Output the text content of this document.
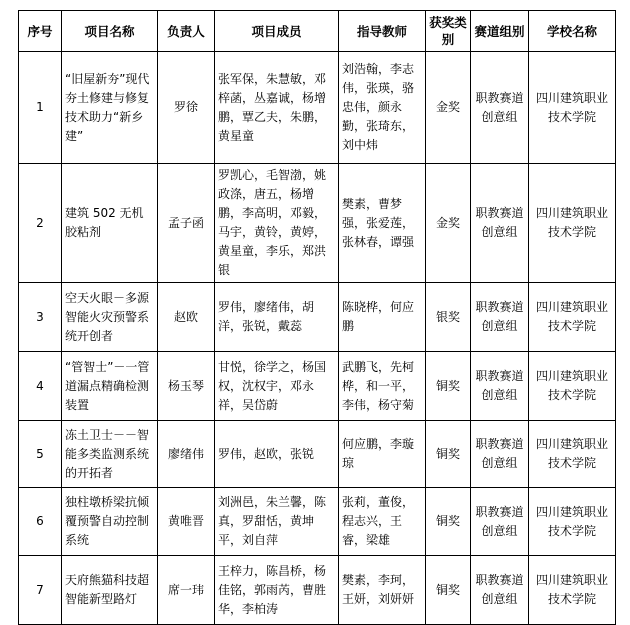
序号	项目名称	负责人	项目成员	指导教师	获奖类别	赛道组别	学校名称
1	“旧屋新夯”现代夯土修建与修复技术助力“新乡建”	罗徐	张军保，朱慧敏，邓梓菡，丛嘉诚，杨增鹏，覃乙夫，朱鹏，黄星童	刘浩翰，李志伟，张瑛，骆忠伟，颜永勤，张琦东，刘中炜	金奖	职教赛道创意组	四川建筑职业技术学院
2	建筑 502 无机胶粘剂	孟子函	罗凯心，毛智渤，姚政涤，唐五，杨增鹏，李高明，邓毅，马宇，黄铃，黄婷，黄星童，李乐，郑洪银	樊素，曹梦强，张爱莲，张林春，谭强	金奖	职教赛道创意组	四川建筑职业技术学院
3	空天火眼－多源智能火灾预警系统开创者	赵欧	罗伟，廖绪伟，胡洋，张锐，戴蕊	陈晓桦，何应鹏	银奖	职教赛道创意组	四川建筑职业技术学院
4	“管智士”－一管道漏点精确检测装置	杨玉琴	甘悦，徐学之，杨国权，沈权宇，邓永祥，吴岱蔚	武鹏飞，先柯桦，和一平，李伟，杨守菊	铜奖	职教赛道创意组	四川建筑职业技术学院
5	冻土卫士－－智能多类监测系统的开拓者	廖绪伟	罗伟，赵欧，张锐	何应鹏，李璇琼	铜奖	职教赛道创意组	四川建筑职业技术学院
6	独柱墩桥梁抗倾覆预警自动控制系统	黄唯晋	刘洲邑，朱兰馨，陈真，罗甜恬，黄坤平，刘自萍	张莉，董俊，程志兴，王睿，梁雄	铜奖	职教赛道创意组	四川建筑职业技术学院
7	天府熊猫科技超智能新型路灯	席一玮	王梓力，陈昌桥，杨佳铭，郭雨芮，曹胜华，李柏涛	樊素，李珂，王妍，刘妍妍	铜奖	职教赛道创意组	四川建筑职业技术学院
